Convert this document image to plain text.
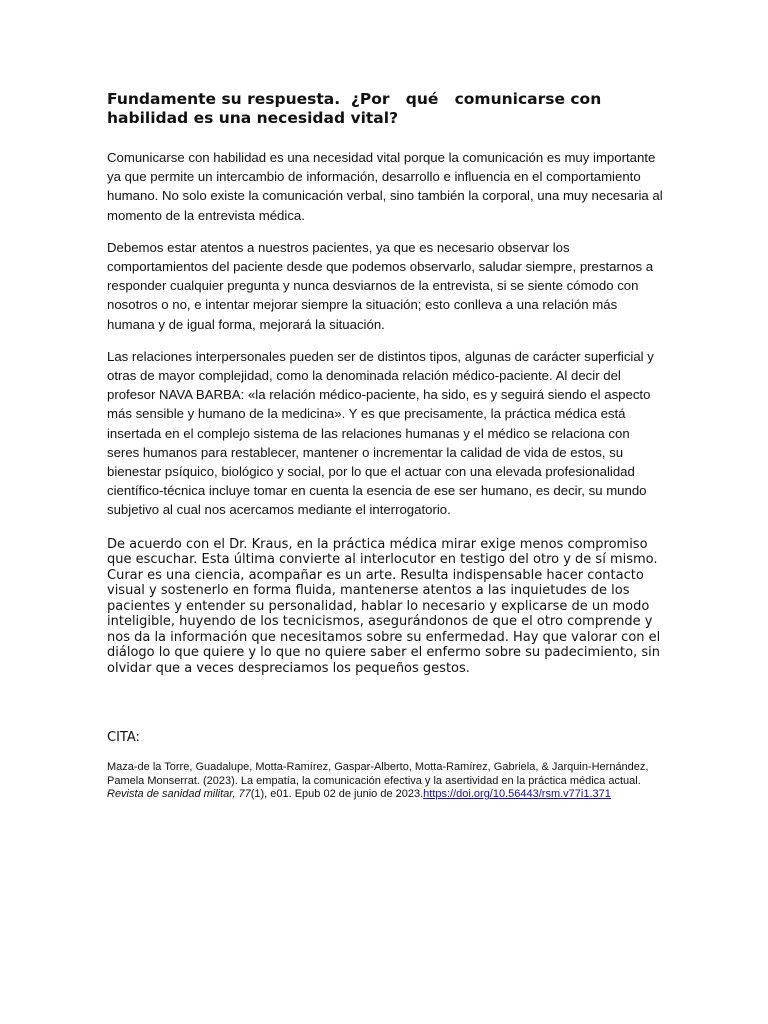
Fundamente su respuesta.  ¿Por   qué   comunicarse con habilidad es una necesidad vital?

Comunicarse con habilidad es una necesidad vital porque la comunicación es muy importante ya que permite un intercambio de información, desarrollo e influencia en el comportamiento humano. No solo existe la comunicación verbal, sino también la corporal, una muy necesaria al momento de la entrevista médica.

Debemos estar atentos a nuestros pacientes, ya que es necesario observar los comportamientos del paciente desde que podemos observarlo, saludar siempre, prestarnos a responder cualquier pregunta y nunca desviarnos de la entrevista, si se siente cómodo con nosotros o no, e intentar mejorar siempre la situación; esto conlleva a una relación más humana y de igual forma, mejorará la situación.

Las relaciones interpersonales pueden ser de distintos tipos, algunas de carácter superficial y otras de mayor complejidad, como la denominada relación médico-paciente. Al decir del profesor NAVA BARBA: «la relación médico-paciente, ha sido, es y seguirá siendo el aspecto más sensible y humano de la medicina». Y es que precisamente, la práctica médica está insertada en el complejo sistema de las relaciones humanas y el médico se relaciona con seres humanos para restablecer, mantener o incrementar la calidad de vida de estos, su bienestar psíquico, biológico y social, por lo que el actuar con una elevada profesionalidad científico-técnica incluye tomar en cuenta la esencia de ese ser humano, es decir, su mundo subjetivo al cual nos acercamos mediante el interrogatorio.

De acuerdo con el Dr. Kraus, en la práctica médica mirar exige menos compromiso que escuchar. Esta última convierte al interlocutor en testigo del otro y de sí mismo. Curar es una ciencia, acompañar es un arte. Resulta indispensable hacer contacto visual y sostenerlo en forma fluida, mantenerse atentos a las inquietudes de los pacientes y entender su personalidad, hablar lo necesario y explicarse de un modo inteligible, huyendo de los tecnicismos, asegurándonos de que el otro comprende y nos da la información que necesitamos sobre su enfermedad. Hay que valorar con el diálogo lo que quiere y lo que no quiere saber el enfermo sobre su padecimiento, sin olvidar que a veces despreciamos los pequeños gestos.

CITA:

Maza-de la Torre, Guadalupe, Motta-Ramírez, Gaspar-Alberto, Motta-Ramírez, Gabriela, & Jarquin-Hernández, Pamela Monserrat. (2023). La empatía, la comunicación efectiva y la asertividad en la práctica médica actual. Revista de sanidad militar, 77(1), e01. Epub 02 de junio de 2023.https://doi.org/10.56443/rsm.v77i1.371
